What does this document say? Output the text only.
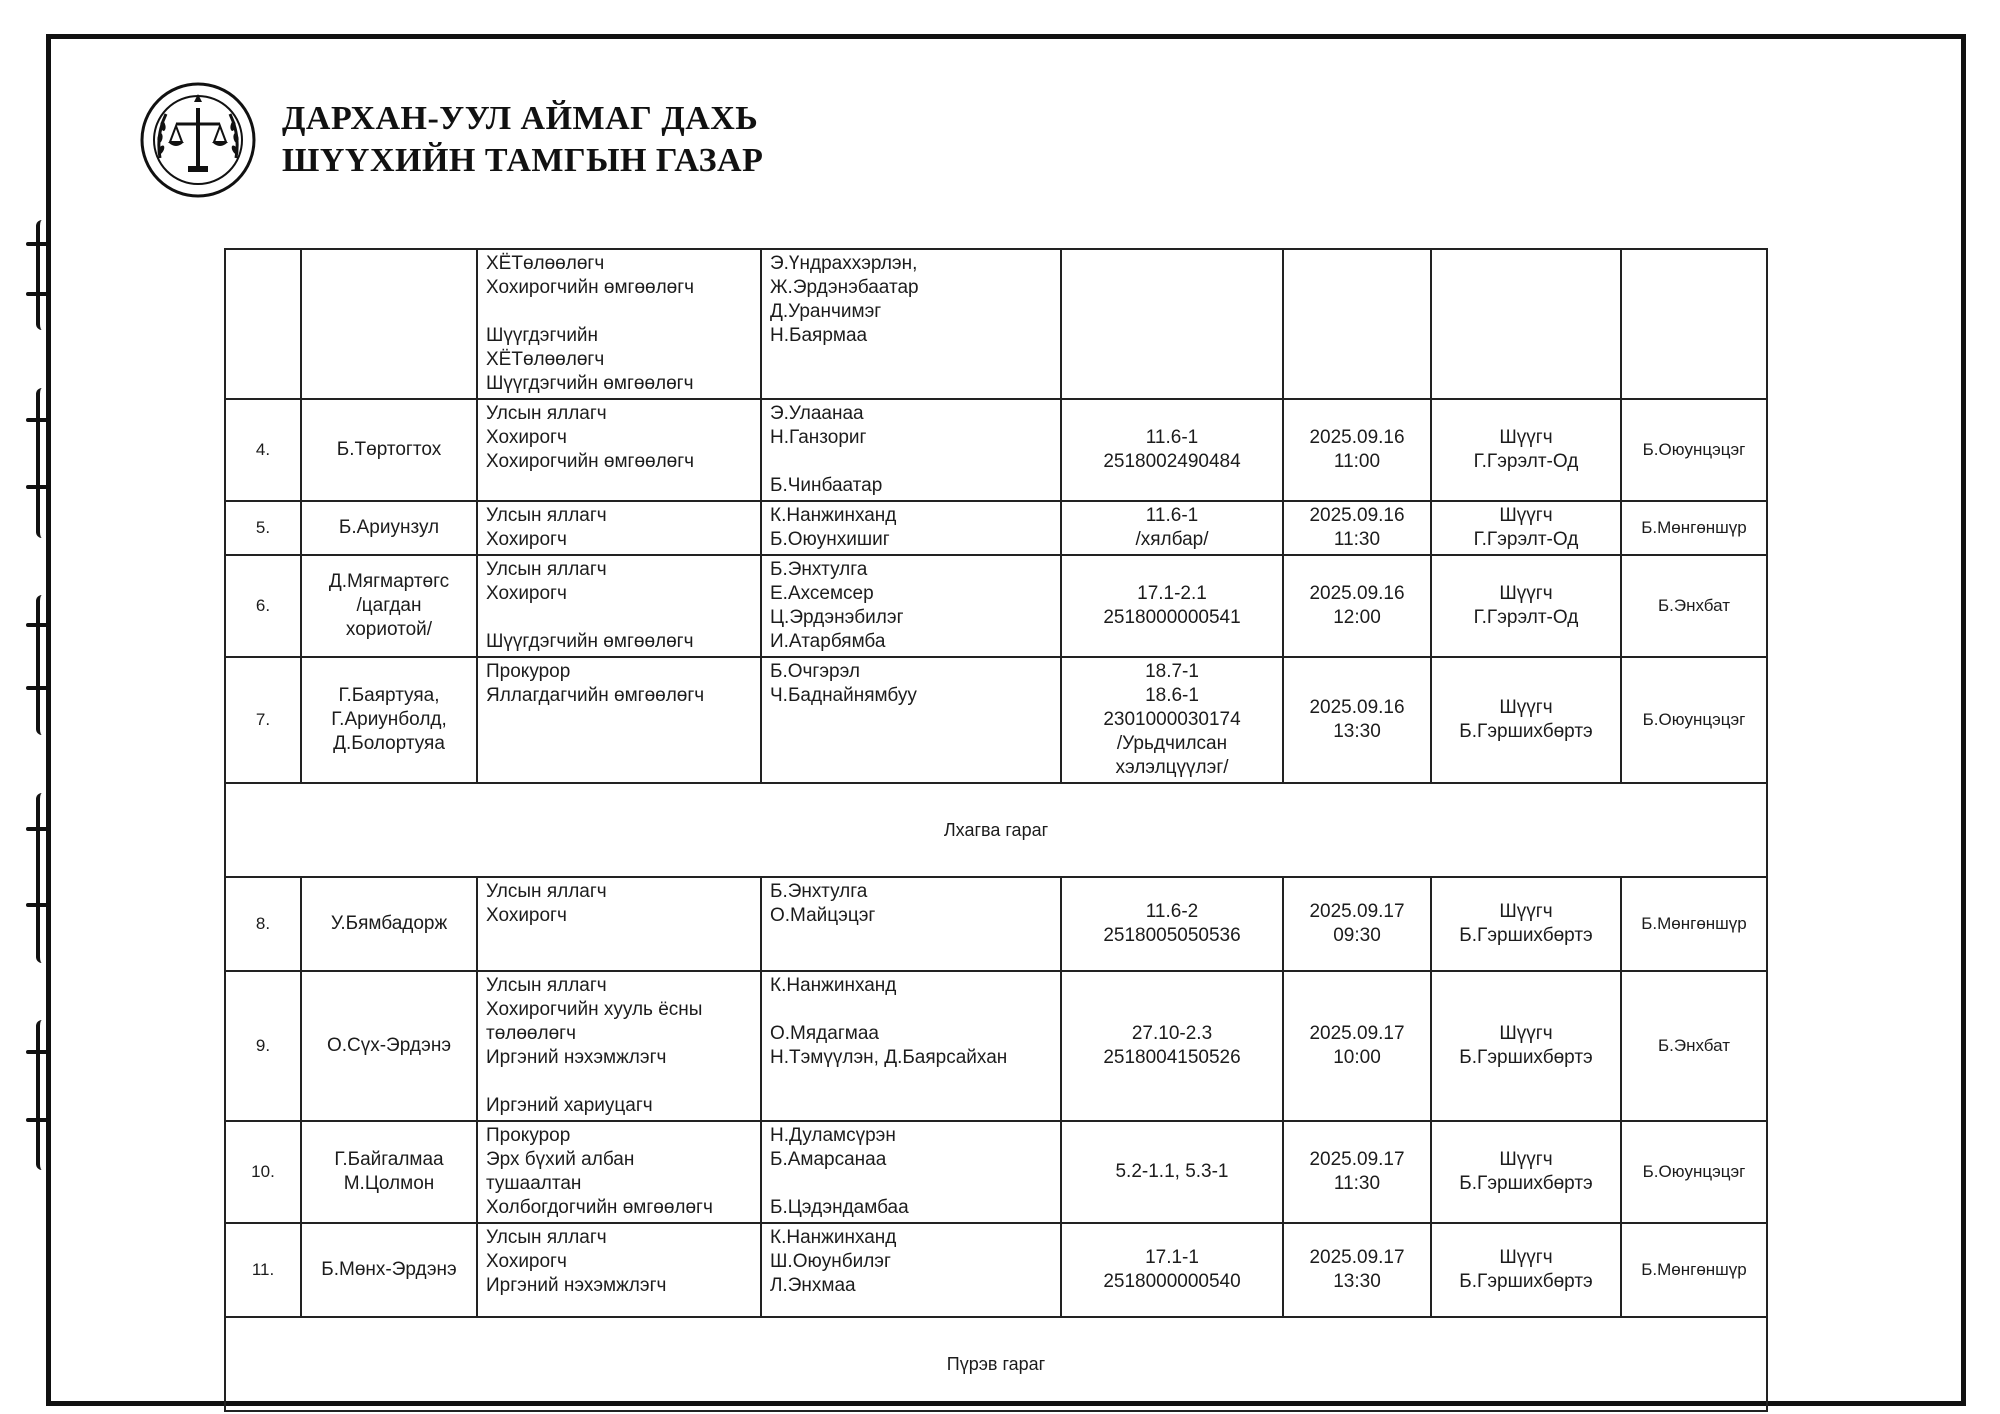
ДАРХАН-УУЛ АЙМАГ ДАХЬ
ШҮҮХИЙН ТАМГЫН ГАЗАР

		ХЁТөлөөлөгч
Хохирогчийн өмгөөлөгч
Шүүгдэгчийн
ХЁТөлөөлөгч
Шүүгдэгчийн өмгөөлөгч	Э.Үндраххэрлэн,
Ж.Эрдэнэбаатар
Д.Уранчимэг
Н.Баярмаа				

4.	Б.Төртогтох	Улсын яллагч
Хохирогч
Хохирогчийн өмгөөлөгч	Э.Улаанаа
Н.Ганзориг
Б.Чинбаатар	11.6-1
2518002490484	2025.09.16
11:00	Шүүгч
Г.Гэрэлт-Од	Б.Оюунцэцэг
5.	Б.Ариунзул	Улсын яллагч
Хохирогч	К.Нанжинханд
Б.Оюунхишиг	11.6-1
/хялбар/	2025.09.16
11:30	Шүүгч
Г.Гэрэлт-Од	Б.Мөнгөншүр
6.	Д.Мягмартөгс
/цагдан
хориотой/	Улсын яллагч
Хохирогч
Шүүгдэгчийн өмгөөлөгч	Б.Энхтулга
Е.Ахсемсер
Ц.Эрдэнэбилэг
И.Атарбямба	17.1-2.1
2518000000541	2025.09.16
12:00	Шүүгч
Г.Гэрэлт-Од	Б.Энхбат
7.	Г.Баяртуяа,
Г.Ариунболд,
Д.Болортуяа	Прокурор
Яллагдагчийн өмгөөлөгч	Б.Очгэрэл
Ч.Баднайнямбуу	18.7-1
18.6-1
2301000030174
/Урьдчилсан
хэлэлцүүлэг/	2025.09.16
13:30	Шүүгч
Б.Гэршихбөртэ	Б.Оюунцэцэг
Лхагва гараг							
8.	У.Бямбадорж	Улсын яллагч
Хохирогч	Б.Энхтулга
О.Майцэцэг	11.6-2
2518005050536	2025.09.17
09:30	Шүүгч
Б.Гэршихбөртэ	Б.Мөнгөншүр
9.	О.Сүх-Эрдэнэ	Улсын яллагч
Хохирогчийн хууль ёсны
төлөөлөгч
Иргэний нэхэмжлэгч
Иргэний хариуцагч	К.Нанжинханд
О.Мядагмаа
Н.Тэмүүлэн, Д.Баярсайхан	27.10-2.3
2518004150526	2025.09.17
10:00	Шүүгч
Б.Гэршихбөртэ	Б.Энхбат
10.	Г.Байгалмаа
М.Цолмон	Прокурор
Эрх бүхий албан
тушаалтан
Холбогдогчийн өмгөөлөгч	Н.Дуламсүрэн
Б.Амарсанаа
Б.Цэдэндамбаа	5.2-1.1, 5.3-1	2025.09.17
11:30	Шүүгч
Б.Гэршихбөртэ	Б.Оюунцэцэг
11.	Б.Мөнх-Эрдэнэ	Улсын яллагч
Хохирогч
Иргэний нэхэмжлэгч	К.Нанжинханд
Ш.Оюунбилэг
Л.Энхмаа	17.1-1
2518000000540	2025.09.17
13:30	Шүүгч
Б.Гэршихбөртэ	Б.Мөнгөншүр
Пүрэв гараг							
